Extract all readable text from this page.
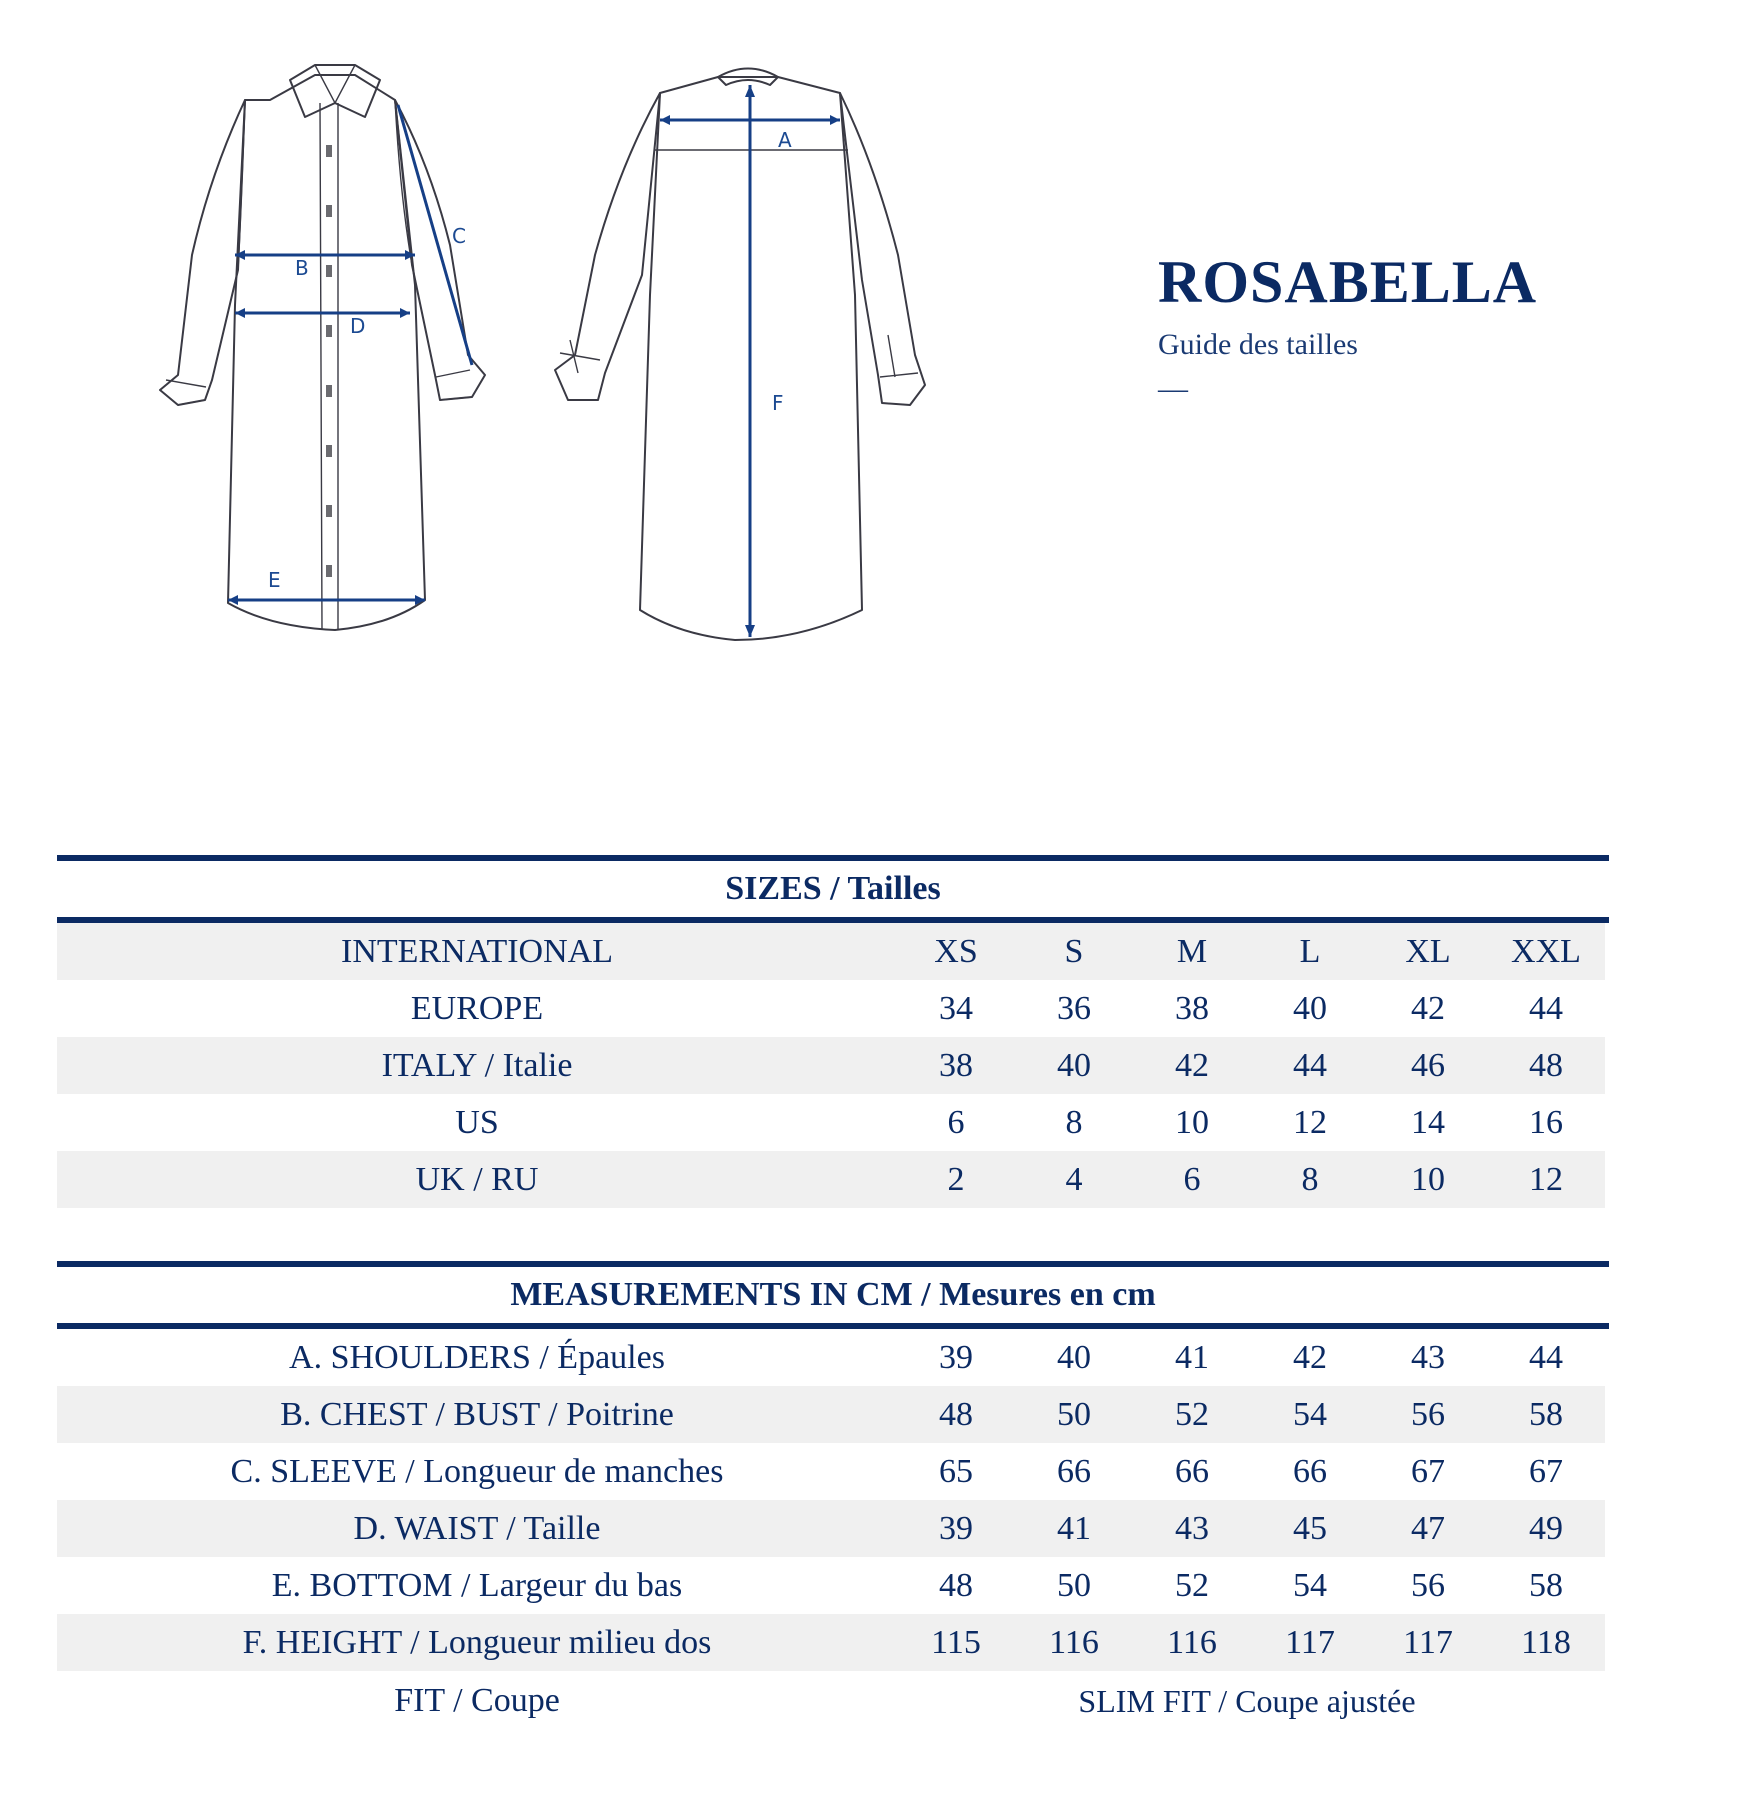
B
D
E
C
A
F
ROSABELLA
Guide des tailles
—
SIZES / Tailles
INTERNATIONAL	XS	S	M	L	XL	XXL
EUROPE	34	36	38	40	42	44
ITALY / Italie	38	40	42	44	46	48
US	6	8	10	12	14	16
UK / RU	2	4	6	8	10	12
MEASUREMENTS IN CM / Mesures en cm
A. SHOULDERS / Épaules	39	40	41	42	43	44
B. CHEST / BUST / Poitrine	48	50	52	54	56	58
C. SLEEVE / Longueur de manches	65	66	66	66	67	67
D. WAIST / Taille	39	41	43	45	47	49
E. BOTTOM / Largeur du bas	48	50	52	54	56	58
F. HEIGHT / Longueur milieu dos	115	116	116	117	117	118
FIT / Coupe	SLIM FIT / Coupe ajustée
